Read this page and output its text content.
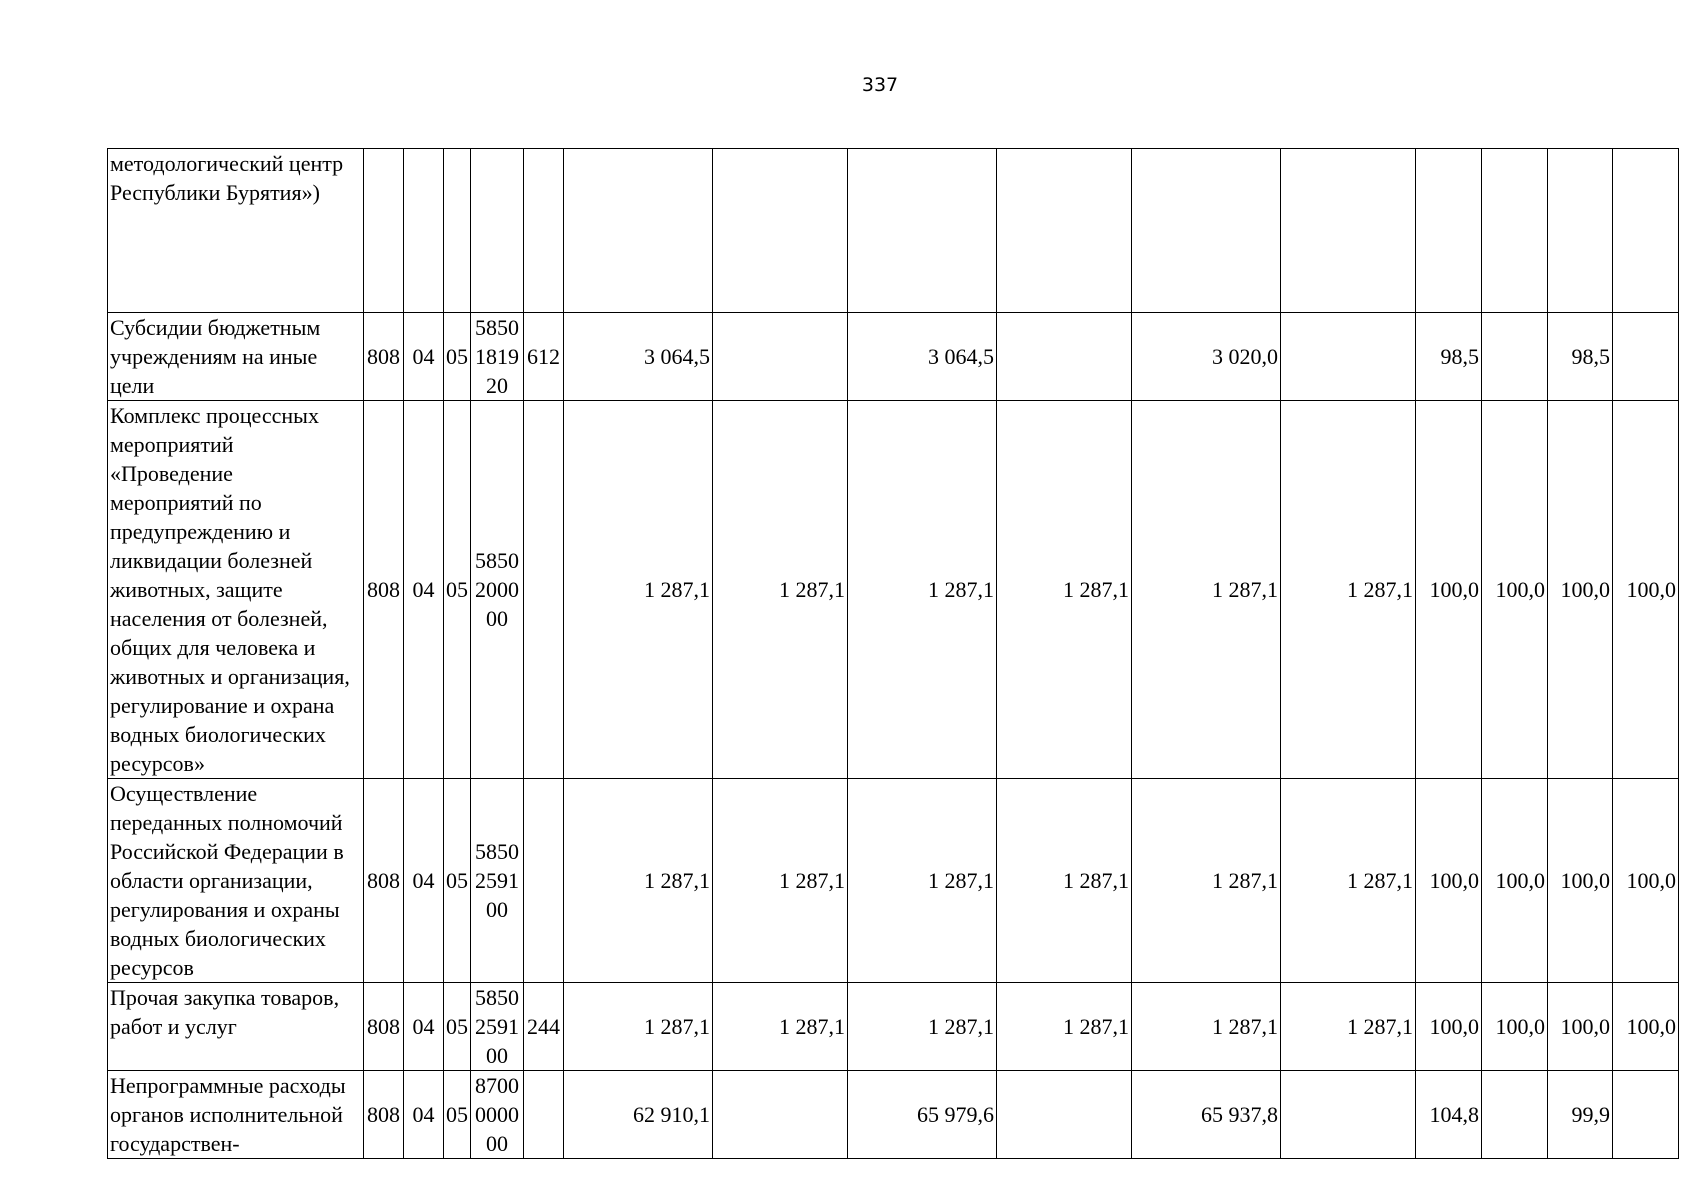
337
методологический центр Республики Бурятия»)															
Субсидии бюджетным учреждениям на иные цели	808	04	05	5850 1819 20	612	3 064,5		3 064,5		3 020,0		98,5		98,5	
Комплекс процессных мероприятий «Проведение мероприятий по предупреждению и ликвидации болезней животных, защите населения от болезней, общих для человека и животных и организация, регулирование и охрана водных биологических ресурсов»	808	04	05	5850 2000 00		1 287,1	1 287,1	1 287,1	1 287,1	1 287,1	1 287,1	100,0	100,0	100,0	100,0
Осуществление переданных полномочий Российской Федерации в области организации, регулирования и охраны водных биологических ресурсов	808	04	05	5850 2591 00		1 287,1	1 287,1	1 287,1	1 287,1	1 287,1	1 287,1	100,0	100,0	100,0	100,0
Прочая закупка товаров, работ и услуг	808	04	05	5850 2591 00	244	1 287,1	1 287,1	1 287,1	1 287,1	1 287,1	1 287,1	100,0	100,0	100,0	100,0
Непрограммные расходы органов исполнительной государствен-	808	04	05	8700 0000 00		62 910,1		65 979,6		65 937,8		104,8		99,9	
